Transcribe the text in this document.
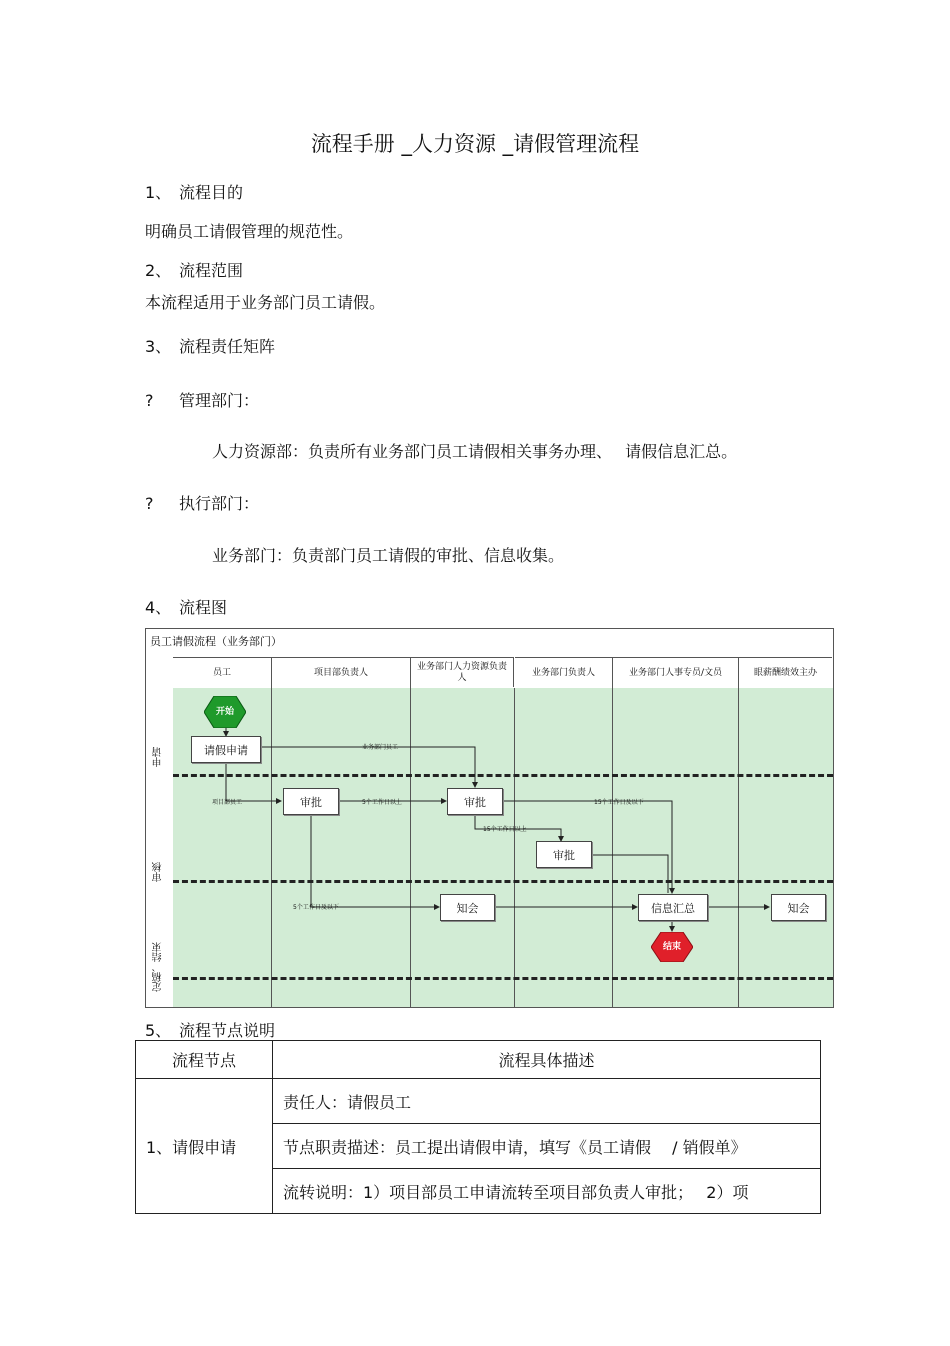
流程手册 _人力资源 _请假管理流程
1、 流程目的
明确员工请假管理的规范性。
2、 流程范围
本流程适用于业务部门员工请假。
3、 流程责任矩阵
? 管理部门：
人力资源部：负责所有业务部门员工请假相关事务办理、　 请假信息汇总。
? 执行部门：
业务部门：负责部门员工请假的审批、信息收集。
4、 流程图
员工请假流程（业务部门）
申请
审核
定稿、结束
员工	项目部负责人
业务部门人力资源负责人	业务部门负责人	业务部门人事专员/文员	眼薪酬绩效主办
业务部门员工
项目部员工	5个工作日以上	15个工作日及以下
15个工作日以上
5个工作日及以下
开始
结束
请假申请
审批	审批
审批
知会	信息汇总	知会
5、 流程节点说明
流程节点	流程具体描述
1、请假申请	责任人：请假员工
	节点职责描述：员工提出请假申请，填写《员工请假　 / 销假单》
	流转说明：1）项目部员工申请流转至项目部负责人审批；　 2）项
